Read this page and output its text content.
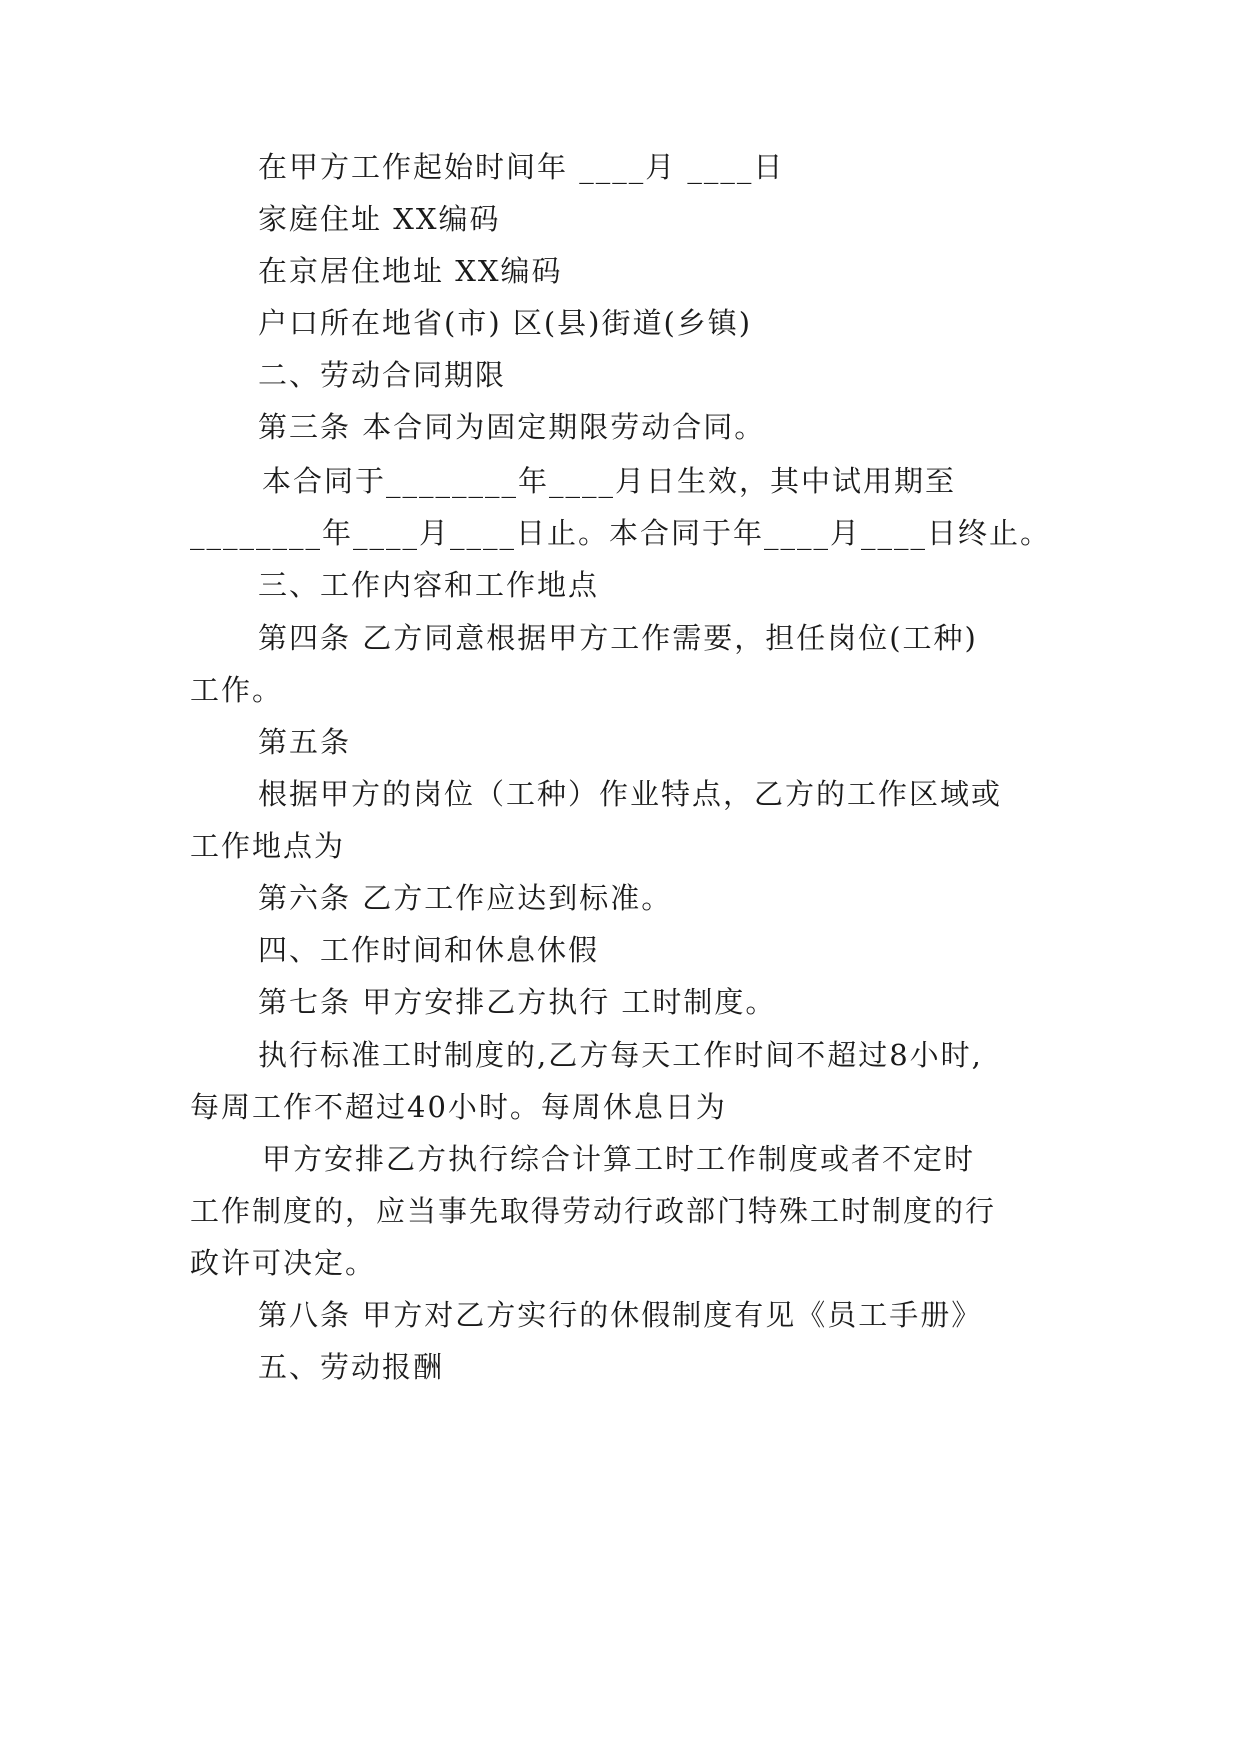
在甲方工作起始时间年 ____月 ____日
家庭住址 XX编码
在京居住地址 XX编码
户口所在地省(市) 区(县)街道(乡镇)
二、劳动合同期限
第三条 本合同为固定期限劳动合同。
本合同于________年____月日生效，其中试用期至
________年____月____日止。本合同于年____月____日终止。
三、工作内容和工作地点
第四条 乙方同意根据甲方工作需要，担任岗位(工种)
工作。
第五条
根据甲方的岗位（工种）作业特点，乙方的工作区域或
工作地点为
第六条 乙方工作应达到标准。
四、工作时间和休息休假
第七条 甲方安排乙方执行 工时制度。
执行标准工时制度的,乙方每天工作时间不超过8小时,
每周工作不超过40小时。每周休息日为
甲方安排乙方执行综合计算工时工作制度或者不定时
工作制度的，应当事先取得劳动行政部门特殊工时制度的行
政许可决定。
第八条 甲方对乙方实行的休假制度有见《员工手册》
五、劳动报酬
